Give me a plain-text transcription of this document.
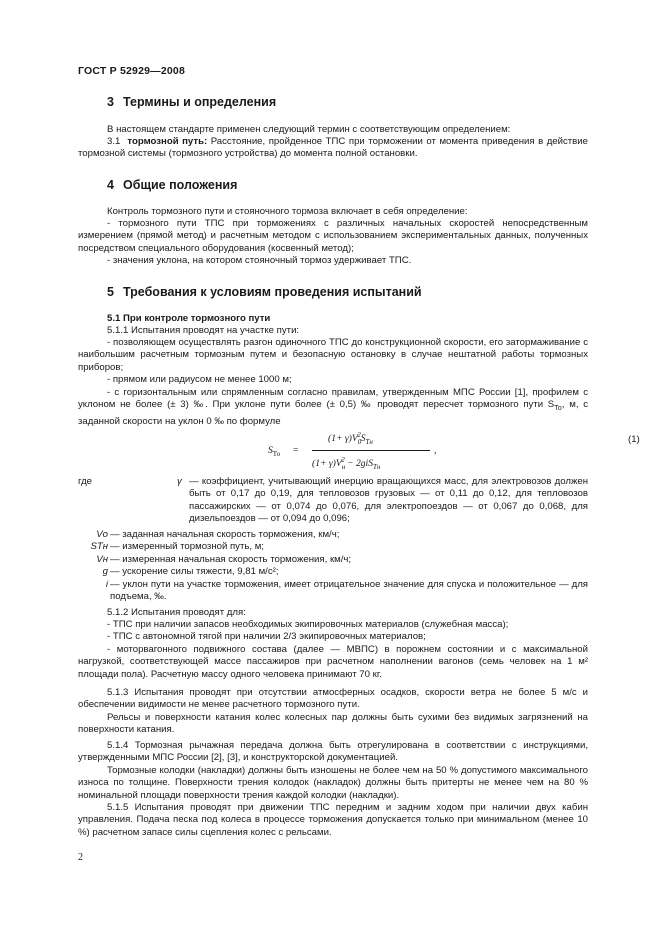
ГОСТ Р 52929—2008
3 Термины и определения
В настоящем стандарте применен следующий термин с соответствующим определением:
3.1 тормозной путь: Расстояние, пройденное ТПС при торможении от момента приведения в действие тормозной системы (тормозного устройства) до момента полной остановки.
4 Общие положения
Контроль тормозного пути и стояночного тормоза включает в себя определение:
- тормозного пути ТПС при торможениях с различных начальных скоростей непосредственным измерением (прямой метод) и расчетным методом с использованием экспериментальных данных, полученных посредством специального оборудования (косвенный метод);
- значения уклона, на котором стояночный тормоз удерживает ТПС.
5 Требования к условиям проведения испытаний
5.1 При контроле тормозного пути
5.1.1 Испытания проводят на участке пути:
- позволяющем осуществлять разгон одиночного ТПС до конструкционной скорости, его затормаживание с наибольшим расчетным тормозным путем и безопасную остановку в случае нештатной работы тормозных приборов;
- прямом или радиусом не менее 1000 м;
- с горизонтальным или спрямленным согласно правилам, утвержденным МПС России [1], профилем с уклоном не более (± 3) ‰. При уклоне пути более (± 0,5) ‰ проводят пересчет тормозного пути $S_{То}$, м, с заданной скорости на уклон 0 ‰ по формуле
$S_{To}$ =
$(1+ \gamma)V_0^2S_{Тн}$
$(1+ \gamma)V_н^2 - 2giS_{Тн}$
,
(1)
где	γ — коэффициент, учитывающий инерцию вращающихся масс, для электровозов должен быть от 0,17 до 0,19, для тепловозов грузовых — от 0,11 до 0,12, для тепловозов пассажирских — от 0,074 до 0,076, для электропоездов — от 0,067 до 0,068, для дизельпоездов — от 0,094 до 0,096;
Vо — заданная начальная скорость торможения, км/ч;
STн — измеренный тормозной путь, м;
Vн — измеренная начальная скорость торможения, км/ч;
g — ускорение силы тяжести, 9,81 м/с²;
i — уклон пути на участке торможения, имеет отрицательное значение для спуска и положительное — для подъема, ‰.
5.1.2 Испытания проводят для:
- ТПС при наличии запасов необходимых экипировочных материалов (служебная масса);
- ТПС с автономной тягой при наличии 2/3 экипировочных материалов;
- моторвагонного подвижного состава (далее — МВПС) в порожнем состоянии и с максимальной нагрузкой, соответствующей массе пассажиров при расчетном наполнении вагонов (семь человек на 1 м² площади пола). Расчетную массу одного человека принимают 70 кг.
5.1.3 Испытания проводят при отсутствии атмосферных осадков, скорости ветра не более 5 м/с и обеспечении видимости не менее расчетного тормозного пути.
Рельсы и поверхности катания колес колесных пар должны быть сухими без видимых загрязнений на поверхности катания.
5.1.4 Тормозная рычажная передача должна быть отрегулирована в соответствии с инструкциями, утвержденными МПС России [2], [3], и конструкторской документацией.
Тормозные колодки (накладки) должны быть изношены не более чем на 50 % допустимого максимального износа по толщине. Поверхности трения колодок (накладок) должны быть притерты не менее чем на 80 % номинальной площади поверхности трения каждой колодки (накладки).
5.1.5 Испытания проводят при движении ТПС передним и задним ходом при наличии двух кабин управления. Подача песка под колеса в процессе торможения допускается только при минимальном (менее 10 %) расчетном запасе силы сцепления колес с рельсами.
2
